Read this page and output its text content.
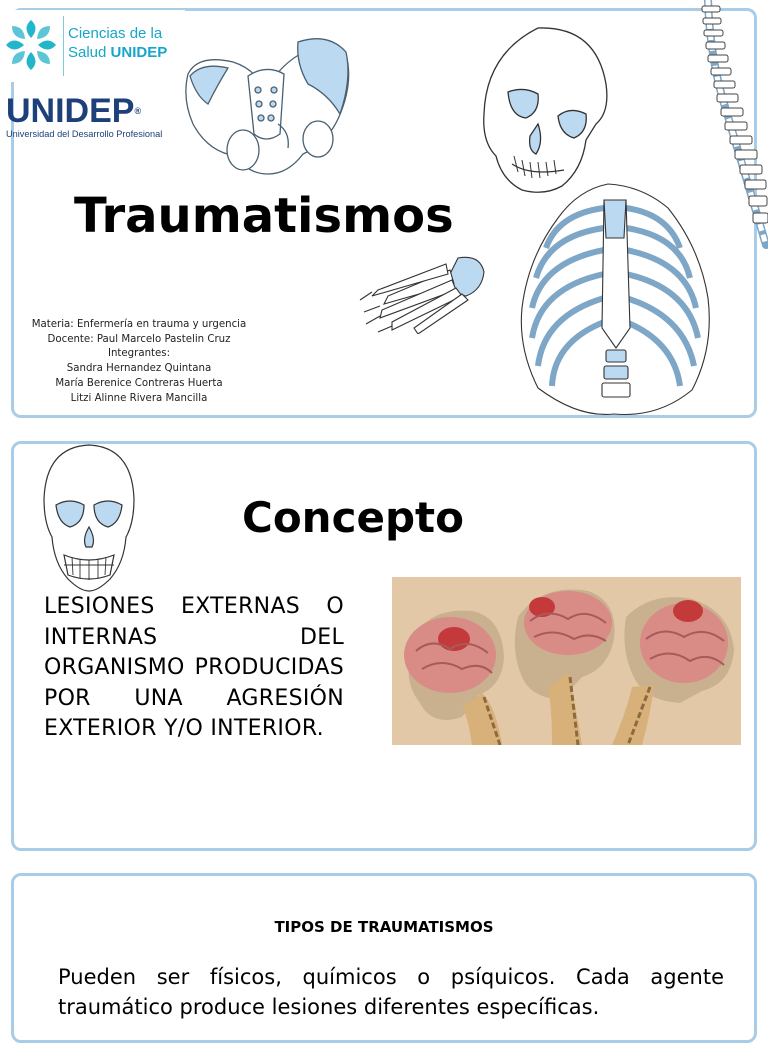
Ciencias de la
Salud UNIDEP
UNIDEP®
Universidad del Desarrollo Profesional
Traumatismos
Materia: Enfermería en trauma y urgencia
Docente: Paul Marcelo Pastelin Cruz
Integrantes:
Sandra Hernandez Quintana
María Berenice Contreras Huerta
Litzi Alinne Rivera Mancilla
Concepto
LESIONES EXTERNAS O INTERNAS DEL ORGANISMO PRODUCIDAS POR UNA AGRESIÓN EXTERIOR Y/O INTERIOR.
TIPOS DE TRAUMATISMOS
Pueden ser físicos, químicos o psíquicos. Cada agente traumático produce lesiones diferentes específicas.
